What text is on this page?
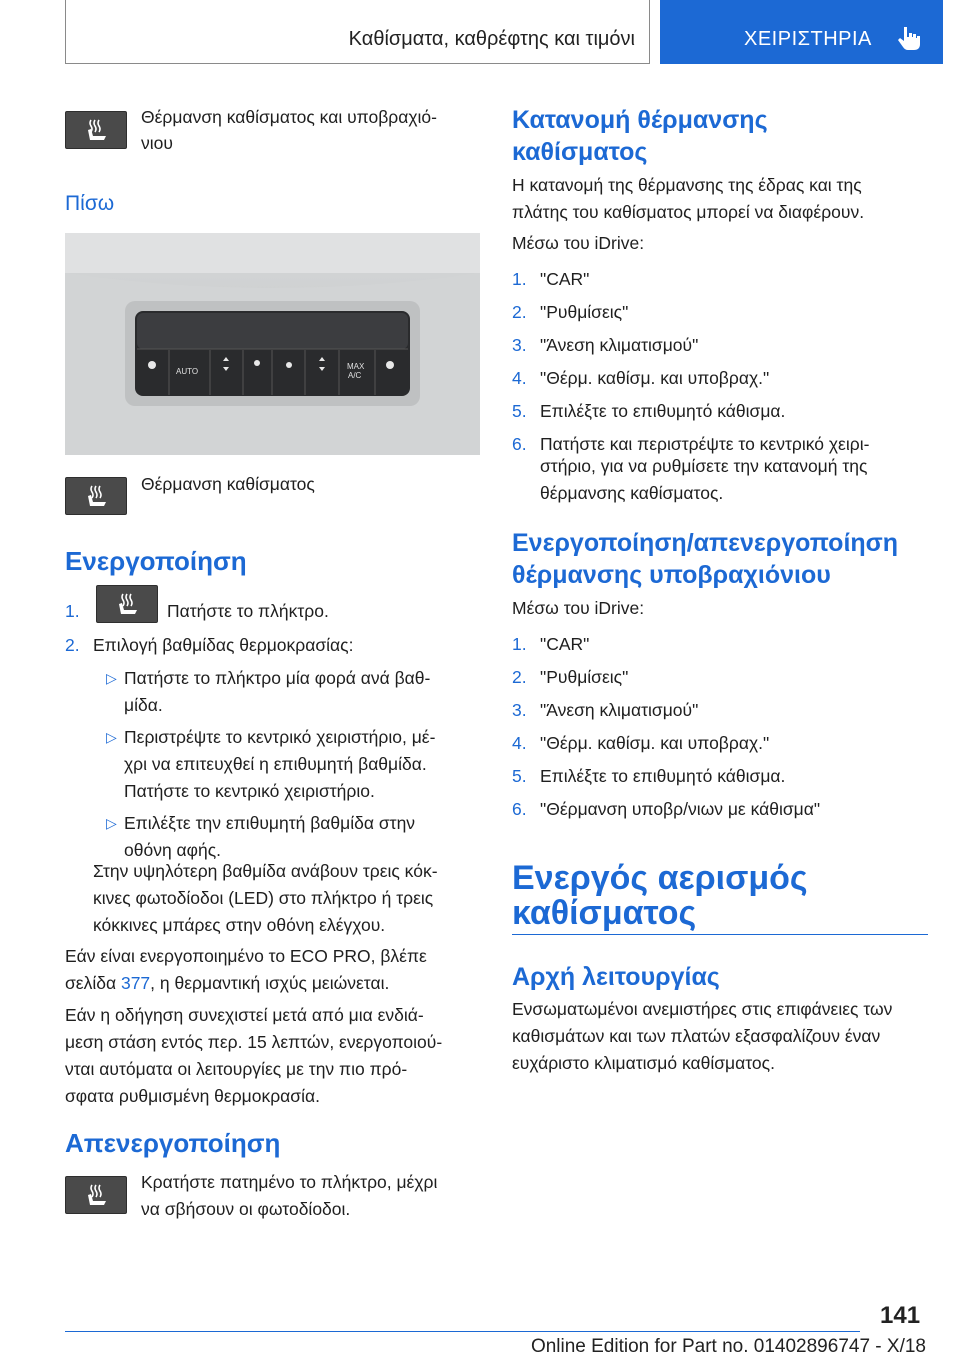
Καθίσματα, καθρέφτης και τιμόνι	ΧΕΙΡΙΣΤΗΡΙΑ
Θέρμανση καθίσματος και υποβραχιό-
νιου
Πίσω
AUTO
MAX
A/C
Θέρμανση καθίσματος
Ενεργοποίηση
1.	Πατήστε το πλήκτρο.
2. Επιλογή βαθμίδας θερμοκρασίας:
▷ Πατήστε το πλήκτρο μία φορά ανά βαθ-
μίδα.
▷ Περιστρέψτε το κεντρικό χειριστήριο, μέ-
χρι να επιτευχθεί η επιθυμητή βαθμίδα.
Πατήστε το κεντρικό χειριστήριο.
▷ Επιλέξτε την επιθυμητή βαθμίδα στην
οθόνη αφής.
Στην υψηλότερη βαθμίδα ανάβουν τρεις κόκ-
κινες φωτοδίοδοι (LED) στο πλήκτρο ή τρεις
κόκκινες μπάρες στην οθόνη ελέγχου.
Εάν είναι ενεργοποιημένο το ECO PRO, βλέπε
σελίδα 377, η θερμαντική ισχύς μειώνεται.
Εάν η οδήγηση συνεχιστεί μετά από μια ενδιά-
μεση στάση εντός περ. 15 λεπτών, ενεργοποιού-
νται αυτόματα οι λειτουργίες με την πιο πρό-
σφατα ρυθμισμένη θερμοκρασία.
Απενεργοποίηση
Κρατήστε πατημένο το πλήκτρο, μέχρι
να σβήσουν οι φωτοδίοδοι.
Κατανομή θέρμανσης
καθίσματος
Η κατανομή της θέρμανσης της έδρας και της
πλάτης του καθίσματος μπορεί να διαφέρουν.
Μέσω του iDrive:
1. "CAR"
2. "Ρυθμίσεις"
3. "Άνεση κλιματισμού"
4. "Θέρμ. καθίσμ. και υποβραχ."
5. Επιλέξτε το επιθυμητό κάθισμα.
6. Πατήστε και περιστρέψτε το κεντρικό χειρι-
στήριο, για να ρυθμίσετε την κατανομή της
θέρμανσης καθίσματος.
Ενεργοποίηση/απενεργοποίηση
θέρμανσης υποβραχιόνιου
Μέσω του iDrive:
1. "CAR"
2. "Ρυθμίσεις"
3. "Άνεση κλιματισμού"
4. "Θέρμ. καθίσμ. και υποβραχ."
5. Επιλέξτε το επιθυμητό κάθισμα.
6. "Θέρμανση υποβρ/νιων με κάθισμα"
Ενεργός αερισμός
καθίσματος
Αρχή λειτουργίας
Ενσωματωμένοι ανεμιστήρες στις επιφάνειες των
καθισμάτων και των πλατών εξασφαλίζουν έναν
ευχάριστο κλιματισμό καθίσματος.
141
Online Edition for Part no. 01402896747 - X/18
